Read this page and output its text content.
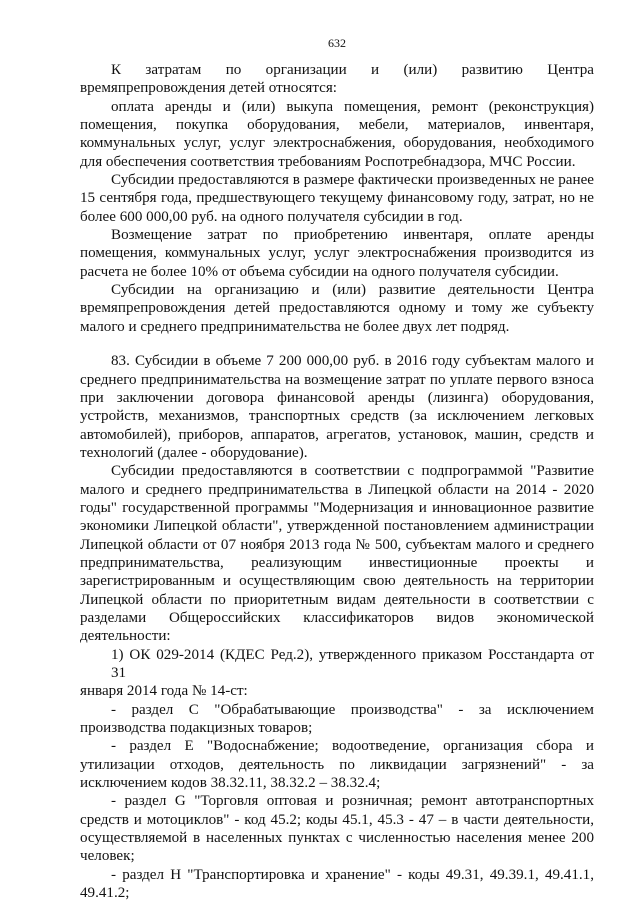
632

К затратам по организации и (или) развитию Центра
времяпрепровождения детей относятся:

оплата аренды и (или) выкупа помещения, ремонт (реконструкция)
помещения, покупка оборудования, мебели, материалов, инвентаря,
коммунальных услуг, услуг электроснабжения, оборудования, необходимого
для обеспечения соответствия требованиям Роспотребнадзора, МЧС России.

Субсидии предоставляются в размере фактически произведенных не ранее
15 сентября года, предшествующего текущему финансовому году, затрат, но не
более 600 000,00 руб. на одного получателя субсидии в год.

Возмещение затрат по приобретению инвентаря, оплате аренды
помещения, коммунальных услуг, услуг электроснабжения производится из
расчета не более 10% от объема субсидии на одного получателя субсидии.

Субсидии на организацию и (или) развитие деятельности Центра
времяпрепровождения детей предоставляются одному и тому же субъекту
малого и среднего предпринимательства не более двух лет подряд.

83. Субсидии в объеме 7 200 000,00 руб. в 2016 году субъектам малого и
среднего предпринимательства на возмещение затрат по уплате первого взноса
при заключении договора финансовой аренды (лизинга) оборудования,
устройств, механизмов, транспортных средств (за исключением легковых
автомобилей), приборов, аппаратов, агрегатов, установок, машин, средств и
технологий (далее - оборудование).

Субсидии предоставляются в соответствии с подпрограммой "Развитие
малого и среднего предпринимательства в Липецкой области на 2014 - 2020
годы" государственной программы "Модернизация и инновационное развитие
экономики Липецкой области", утвержденной постановлением администрации
Липецкой области от 07 ноября 2013 года № 500, субъектам малого и среднего
предпринимательства, реализующим инвестиционные проекты и
зарегистрированным и осуществляющим свою деятельность на территории
Липецкой области по приоритетным видам деятельности в соответствии с
разделами Общероссийских классификаторов видов экономической
деятельности:

1) ОК 029-2014 (КДЕС Ред.2), утвержденного приказом Росстандарта от 31
января 2014 года № 14-ст:

- раздел C "Обрабатывающие производства" - за исключением
производства подакцизных товаров;

- раздел E "Водоснабжение; водоотведение, организация сбора и
утилизации отходов, деятельность по ликвидации загрязнений" - за
исключением кодов 38.32.11, 38.32.2 – 38.32.4;

- раздел G "Торговля оптовая и розничная; ремонт автотранспортных
средств и мотоциклов" - код 45.2; коды 45.1, 45.3 - 47 – в части деятельности,
осуществляемой в населенных пунктах с численностью населения менее 200
человек;

- раздел H "Транспортировка и хранение" - коды 49.31, 49.39.1, 49.41.1,
49.41.2;
